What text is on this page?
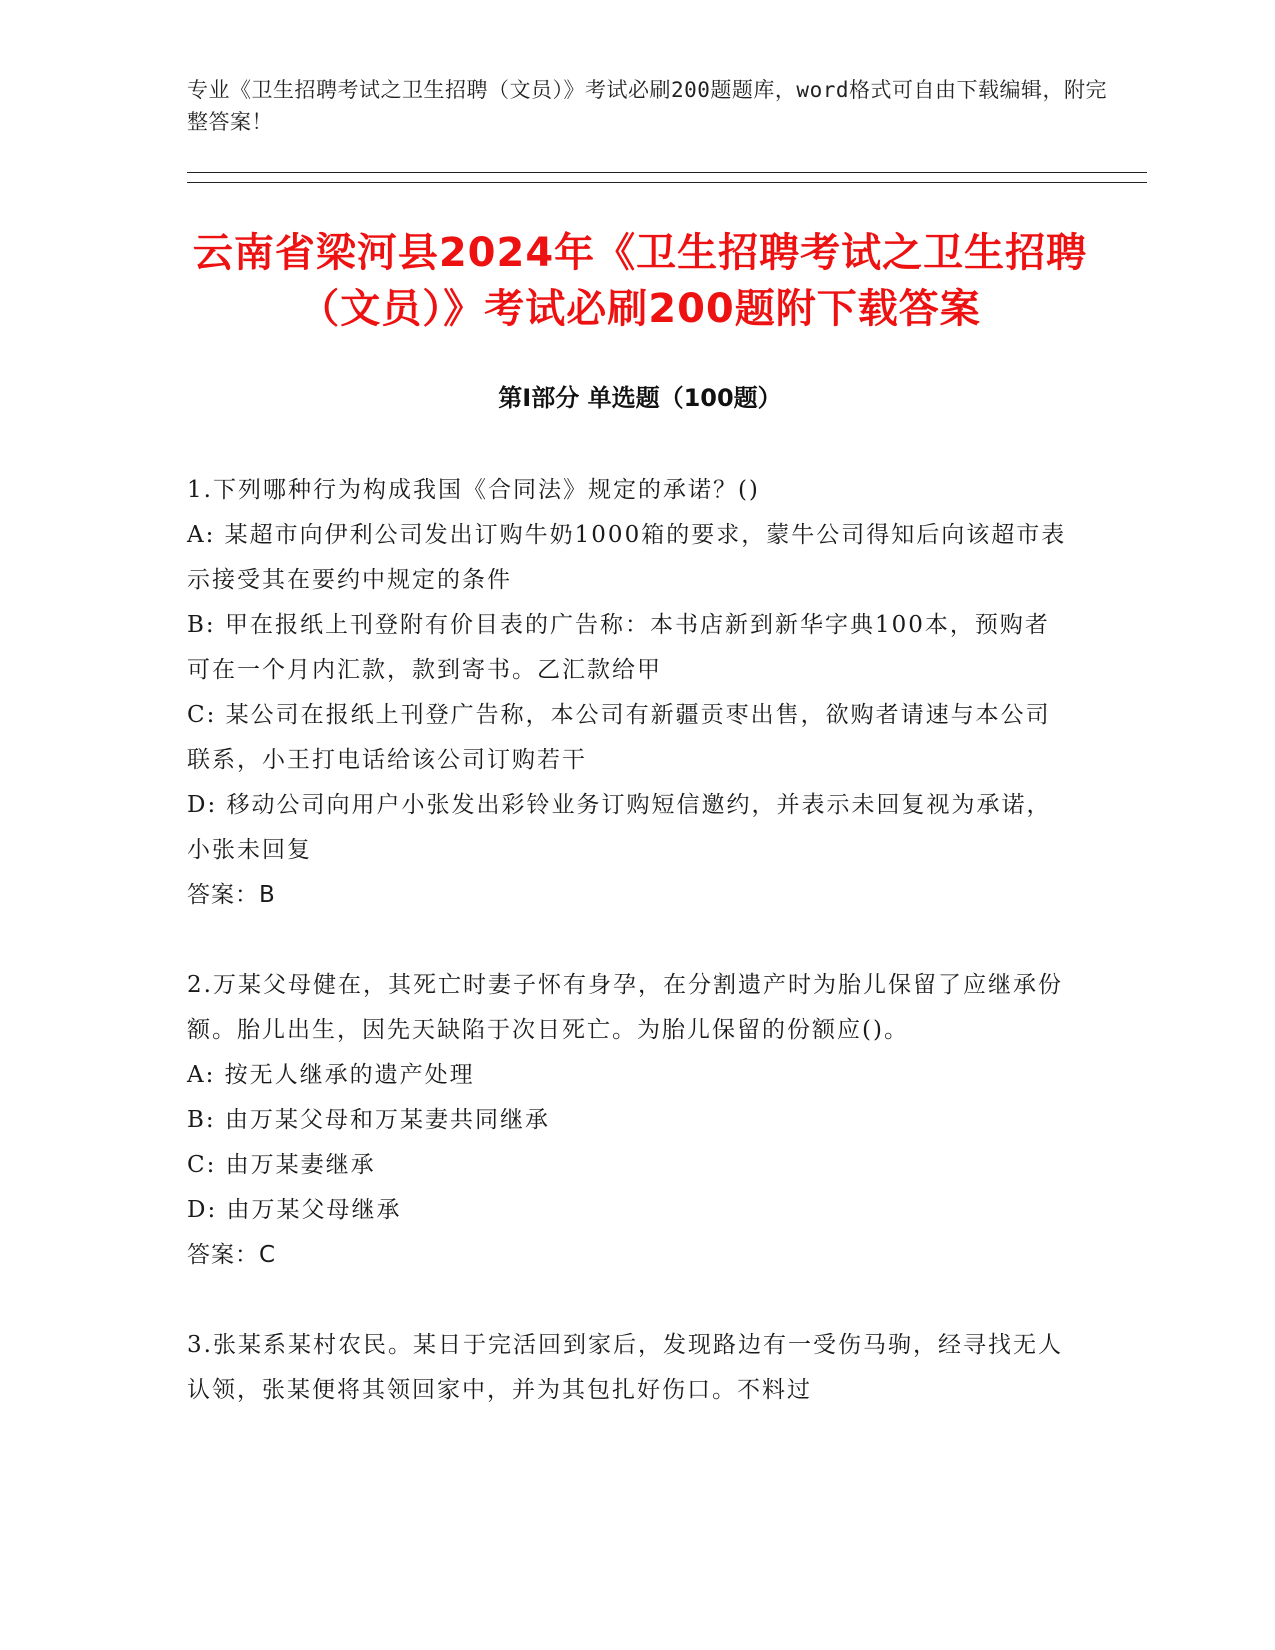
专业《卫生招聘考试之卫生招聘（文员）》考试必刷200题题库，word格式可自由下载编辑，附完整答案！
云南省梁河县2024年《卫生招聘考试之卫生招聘（文员）》考试必刷200题附下载答案
第I部分 单选题（100题）
1.下列哪种行为构成我国《合同法》规定的承诺？()
A: 某超市向伊利公司发出订购牛奶1000箱的要求，蒙牛公司得知后向该超市表示接受其在要约中规定的条件
B: 甲在报纸上刊登附有价目表的广告称：本书店新到新华字典100本，预购者可在一个月内汇款，款到寄书。乙汇款给甲
C: 某公司在报纸上刊登广告称，本公司有新疆贡枣出售，欲购者请速与本公司联系，小王打电话给该公司订购若干
D: 移动公司向用户小张发出彩铃业务订购短信邀约，并表示未回复视为承诺，小张未回复
答案：B
2.万某父母健在，其死亡时妻子怀有身孕，在分割遗产时为胎儿保留了应继承份额。胎儿出生，因先天缺陷于次日死亡。为胎儿保留的份额应()。
A: 按无人继承的遗产处理
B: 由万某父母和万某妻共同继承
C: 由万某妻继承
D: 由万某父母继承
答案：C
3.张某系某村农民。某日于完活回到家后，发现路边有一受伤马驹，经寻找无人认领，张某便将其领回家中，并为其包扎好伤口。不料过
